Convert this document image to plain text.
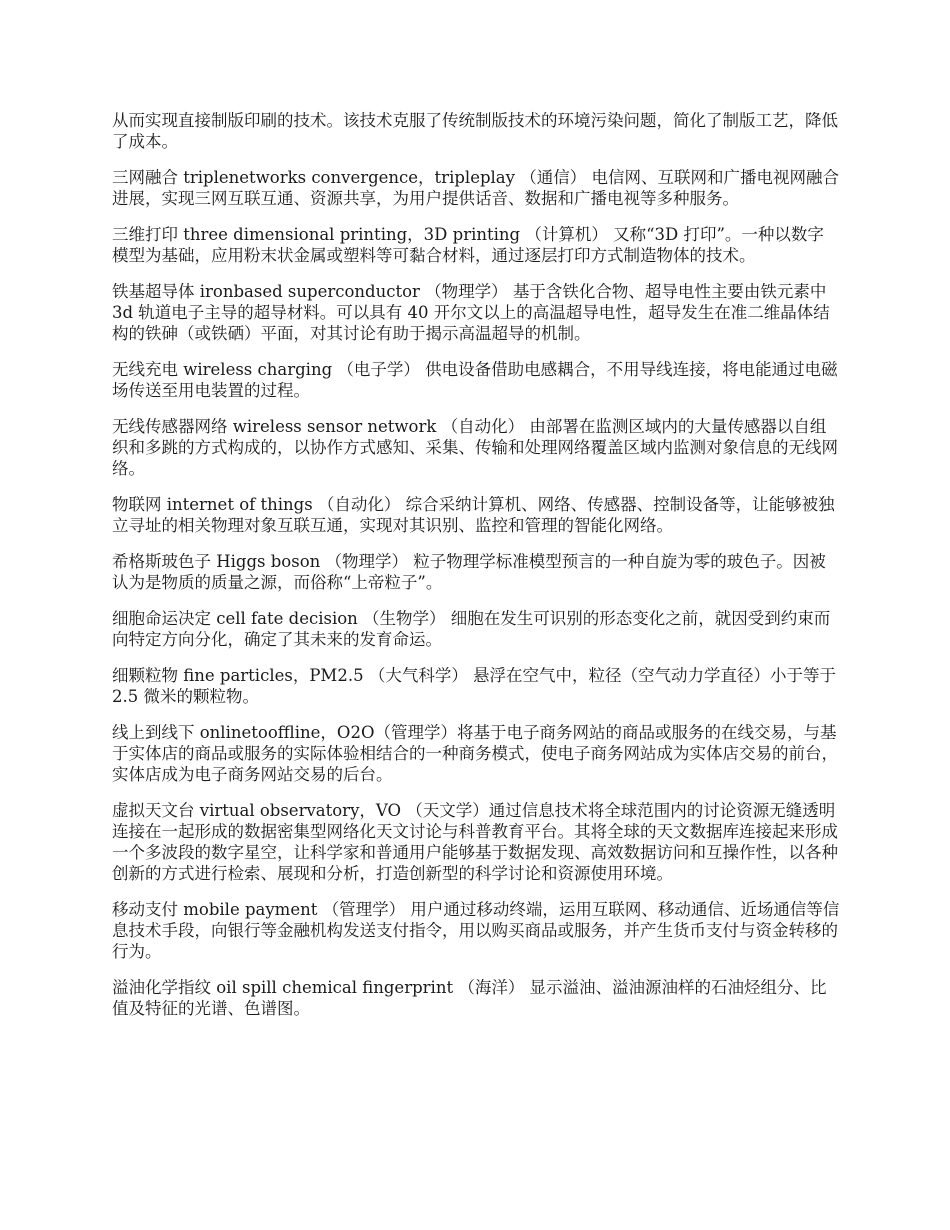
从而实现直接制版印刷的技术。该技术克服了传统制版技术的环境污染问题，简化了制版工艺，降低了成本。

三网融合 triplenetworks convergence，tripleplay （通信） 电信网、互联网和广播电视网融合进展，实现三网互联互通、资源共享，为用户提供话音、数据和广播电视等多种服务。

三维打印 three dimensional printing，3D printing （计算机） 又称“3D 打印”。一种以数字模型为基础，应用粉末状金属或塑料等可黏合材料，通过逐层打印方式制造物体的技术。

铁基超导体 ironbased superconductor （物理学） 基于含铁化合物、超导电性主要由铁元素中 3d 轨道电子主导的超导材料。可以具有 40 开尔文以上的高温超导电性，超导发生在准二维晶体结构的铁砷（或铁硒）平面，对其讨论有助于揭示高温超导的机制。

无线充电 wireless charging （电子学） 供电设备借助电感耦合，不用导线连接，将电能通过电磁场传送至用电装置的过程。

无线传感器网络 wireless sensor network （自动化） 由部署在监测区域内的大量传感器以自组织和多跳的方式构成的，以协作方式感知、采集、传输和处理网络覆盖区域内监测对象信息的无线网络。

物联网 internet of things （自动化） 综合采纳计算机、网络、传感器、控制设备等，让能够被独立寻址的相关物理对象互联互通，实现对其识别、监控和管理的智能化网络。

希格斯玻色子 Higgs boson （物理学） 粒子物理学标准模型预言的一种自旋为零的玻色子。因被认为是物质的质量之源，而俗称“上帝粒子”。

细胞命运决定 cell fate decision （生物学） 细胞在发生可识别的形态变化之前，就因受到约束而向特定方向分化，确定了其未来的发育命运。

细颗粒物 fine particles，PM2.5 （大气科学） 悬浮在空气中，粒径（空气动力学直径）小于等于 2.5 微米的颗粒物。

线上到线下 onlinetooffline，O2O（管理学）将基于电子商务网站的商品或服务的在线交易，与基于实体店的商品或服务的实际体验相结合的一种商务模式，使电子商务网站成为实体店交易的前台，实体店成为电子商务网站交易的后台。

虚拟天文台 virtual observatory，VO （天文学）通过信息技术将全球范围内的讨论资源无缝透明连接在一起形成的数据密集型网络化天文讨论与科普教育平台。其将全球的天文数据库连接起来形成一个多波段的数字星空，让科学家和普通用户能够基于数据发现、高效数据访问和互操作性，以各种创新的方式进行检索、展现和分析，打造创新型的科学讨论和资源使用环境。

移动支付 mobile payment （管理学） 用户通过移动终端，运用互联网、移动通信、近场通信等信息技术手段，向银行等金融机构发送支付指令，用以购买商品或服务，并产生货币支付与资金转移的行为。

溢油化学指纹 oil spill chemical fingerprint （海洋） 显示溢油、溢油源油样的石油烃组分、比值及特征的光谱、色谱图。
